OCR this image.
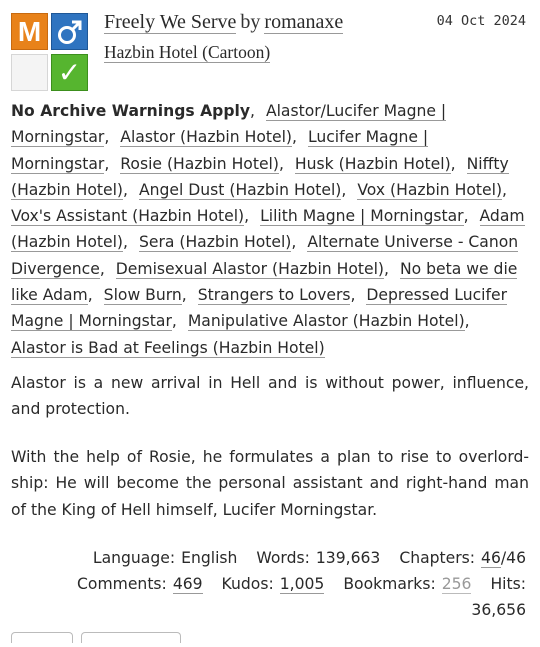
M
✓
Freely We Serve by romanaxe
Hazbin Hotel (Cartoon)
04 Oct 2024
No Archive Warnings Apply, Alastor/Lucifer Magne | Morningstar, Alastor (Hazbin Hotel), Lucifer Magne | Morningstar, Rosie (Hazbin Hotel), Husk (Hazbin Hotel), Niffty (Hazbin Hotel), Angel Dust (Hazbin Hotel), Vox (Hazbin Hotel), Vox's Assistant (Hazbin Hotel), Lilith Magne | Morningstar, Adam (Hazbin Hotel), Sera (Hazbin Hotel), Alternate Universe - Canon Divergence, Demisexual Alastor (Hazbin Hotel), No beta we die like Adam, Slow Burn, Strangers to Lovers, Depressed Lucifer Magne | Morningstar, Manipulative Alastor (Hazbin Hotel), Alastor is Bad at Feelings (Hazbin Hotel)
Alastor is a new arrival in Hell and is without power, influence, and protection.
With the help of Rosie, he formulates a plan to rise to overlord-ship: He will become the personal assistant and right-hand man of the King of Hell himself, Lucifer Morningstar.
Language: English Words: 139,663 Chapters: 46/46
Comments: 469 Kudos: 1,005 Bookmarks: 256 Hits:
36,656
